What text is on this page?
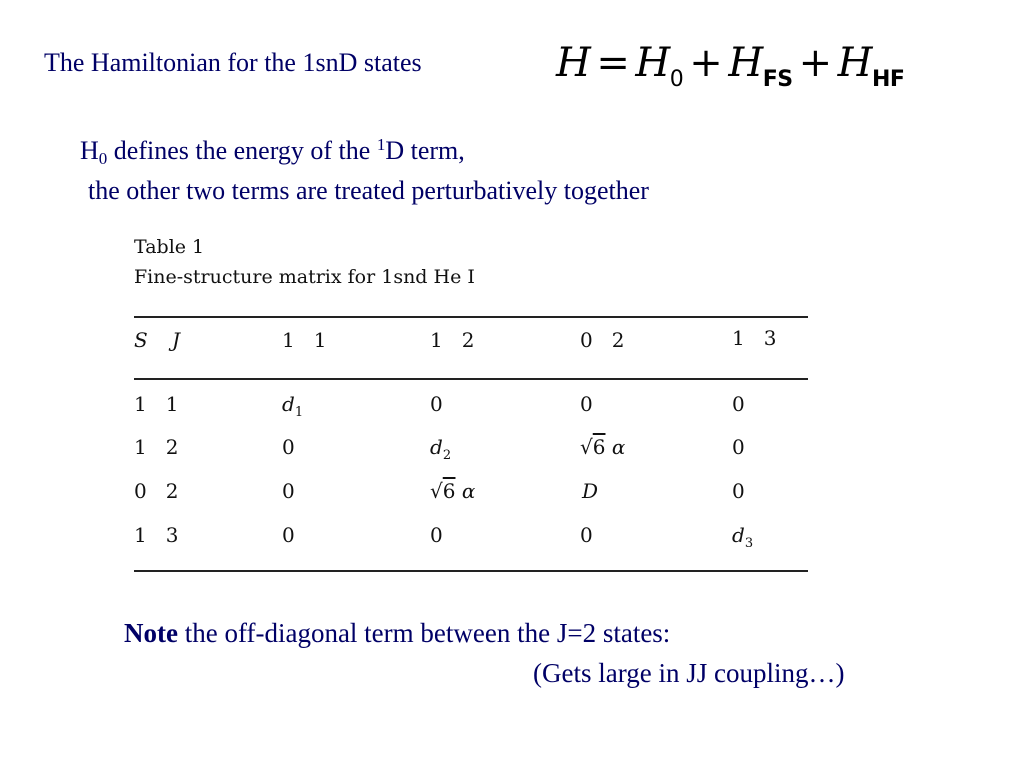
The Hamiltonian for the 1snD states	$H = H_0 + H_{FS} + H_{HF}$
$H_0$ defines the energy of the $^1$D term,
the other two terms are treated perturbatively together
Table 1
Fine-structure matrix for 1snd He I
S J	1   1	1   2	0   2	1   3
1   1	$d_1$	0	0	0
1   2	0	$d_2$	√6 α	0
0   2	0	√6 α	D	0
1   3	0	0	0	$d_3$
Note the off-diagonal term between the J=2 states:
(Gets large in JJ coupling…)
